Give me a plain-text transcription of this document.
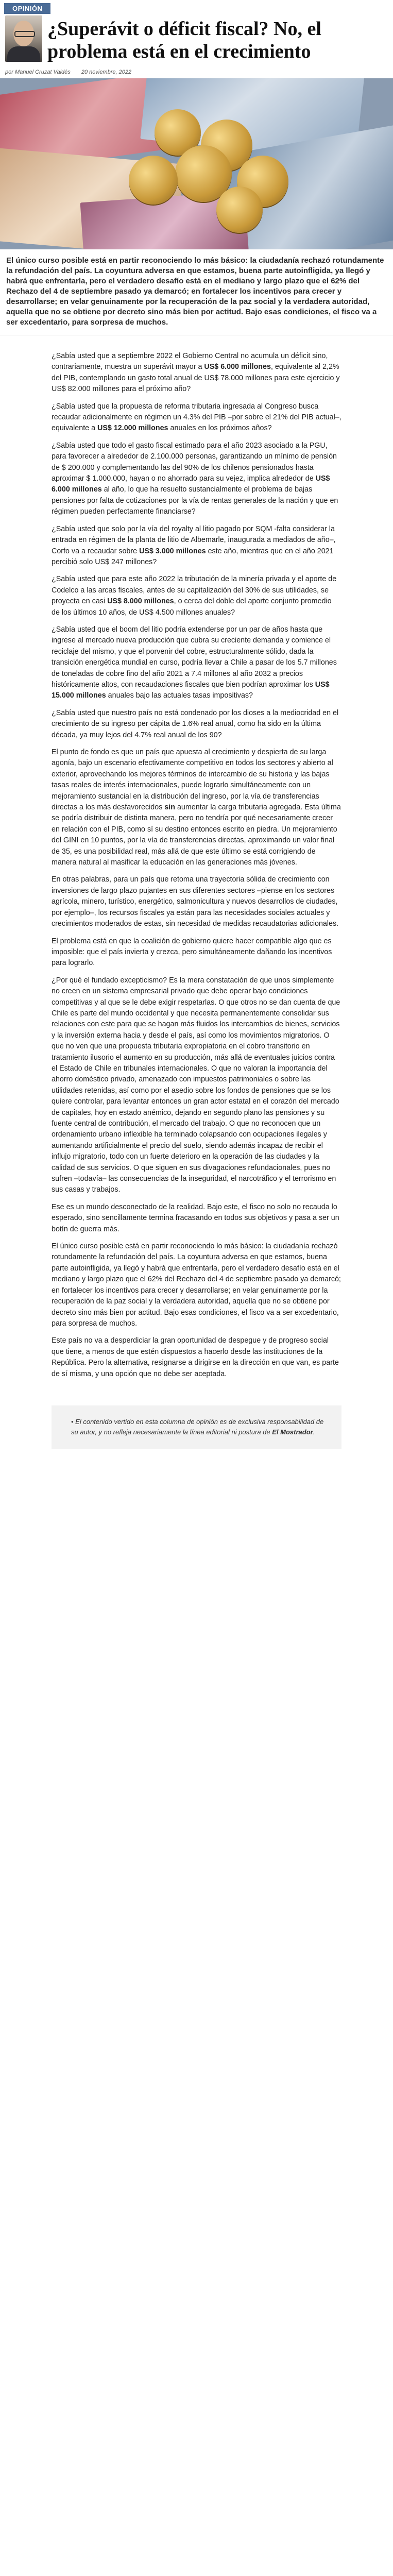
OPINIÓN
¿Superávit o déficit fiscal? No, el problema está en el crecimiento
por Manuel Cruzat Valdés 20 noviembre, 2022
El único curso posible está en partir reconociendo lo más básico: la ciudadanía rechazó rotundamente la refundación del país. La coyuntura adversa en que estamos, buena parte autoinfligida, ya llegó y habrá que enfrentarla, pero el verdadero desafío está en el mediano y largo plazo que el 62% del Rechazo del 4 de septiembre pasado ya demarcó; en fortalecer los incentivos para crecer y desarrollarse; en velar genuinamente por la recuperación de la paz social y la verdadera autoridad, aquella que no se obtiene por decreto sino más bien por actitud. Bajo esas condiciones, el fisco va a ser excedentario, para sorpresa de muchos.

¿Sabía usted que a septiembre 2022 el Gobierno Central no acumula un déficit sino, contrariamente, muestra un superávit mayor a US$ 6.000 millones, equivalente al 2,2% del PIB, contemplando un gasto total anual de US$ 78.000 millones para este ejercicio y US$ 82.000 millones para el próximo año?

¿Sabía usted que la propuesta de reforma tributaria ingresada al Congreso busca recaudar adicionalmente en régimen un 4.3% del PIB –por sobre el 21% del PIB actual–, equivalente a US$ 12.000 millones anuales en los próximos años?

¿Sabía usted que todo el gasto fiscal estimado para el año 2023 asociado a la PGU, para favorecer a alrededor de 2.100.000 personas, garantizando un mínimo de pensión de $ 200.000 y complementando las del 90% de los chilenos pensionados hasta aproximar $ 1.000.000, hayan o no ahorrado para su vejez, implica alrededor de US$ 6.000 millones al año, lo que ha resuelto sustancialmente el problema de bajas pensiones por falta de cotizaciones por la vía de rentas generales de la nación y que en régimen pueden perfectamente financiarse?

¿Sabía usted que solo por la vía del royalty al litio pagado por SQM -falta considerar la entrada en régimen de la planta de litio de Albemarle, inaugurada a mediados de año–, Corfo va a recaudar sobre US$ 3.000 millones este año, mientras que en el año 2021 percibió solo US$ 247 millones?

¿Sabía usted que para este año 2022 la tributación de la minería privada y el aporte de Codelco a las arcas fiscales, antes de su capitalización del 30% de sus utilidades, se proyecta en casi US$ 8.000 millones, o cerca del doble del aporte conjunto promedio de los últimos 10 años, de US$ 4.500 millones anuales?

¿Sabía usted que el boom del litio podría extenderse por un par de años hasta que ingrese al mercado nueva producción que cubra su creciente demanda y comience el reciclaje del mismo, y que el porvenir del cobre, estructuralmente sólido, dada la transición energética mundial en curso, podría llevar a Chile a pasar de los 5.7 millones de toneladas de cobre fino del año 2021 a 7.4 millones al año 2032 a precios históricamente altos, con recaudaciones fiscales que bien podrían aproximar los US$ 15.000 millones anuales bajo las actuales tasas impositivas?

¿Sabía usted que nuestro país no está condenado por los dioses a la mediocridad en el crecimiento de su ingreso per cápita de 1.6% real anual, como ha sido en la última década, ya muy lejos del 4.7% real anual de los 90?

El punto de fondo es que un país que apuesta al crecimiento y despierta de su larga agonía, bajo un escenario efectivamente competitivo en todos los sectores y abierto al exterior, aprovechando los mejores términos de intercambio de su historia y las bajas tasas reales de interés internacionales, puede lograrlo simultáneamente con un mejoramiento sustancial en la distribución del ingreso, por la vía de transferencias directas a los más desfavorecidos sin aumentar la carga tributaria agregada. Esta última se podría distribuir de distinta manera, pero no tendría por qué necesariamente crecer en relación con el PIB, como sí su destino entonces escrito en piedra. Un mejoramiento del GINI en 10 puntos, por la vía de transferencias directas, aproximando un valor final de 35, es una posibilidad real, más allá de que este último se está corrigiendo de manera natural al masificar la educación en las generaciones más jóvenes.

En otras palabras, para un país que retoma una trayectoria sólida de crecimiento con inversiones de largo plazo pujantes en sus diferentes sectores –piense en los sectores agrícola, minero, turístico, energético, salmonicultura y nuevos desarrollos de ciudades, por ejemplo–, los recursos fiscales ya están para las necesidades sociales actuales y crecimientos moderados de estas, sin necesidad de medidas recaudatorias adicionales.

El problema está en que la coalición de gobierno quiere hacer compatible algo que es imposible: que el país invierta y crezca, pero simultáneamente dañando los incentivos para lograrlo.

¿Por qué el fundado excepticismo? Es la mera constatación de que unos simplemente no creen en un sistema empresarial privado que debe operar bajo condiciones competitivas y al que se le debe exigir respetarlas. O que otros no se dan cuenta de que Chile es parte del mundo occidental y que necesita permanentemente consolidar sus relaciones con este para que se hagan más fluidos los intercambios de bienes, servicios y la inversión externa hacia y desde el país, así como los movimientos migratorios. O que no ven que una propuesta tributaria expropiatoria en el cobro transitorio en tratamiento ilusorio el aumento en su producción, más allá de eventuales juicios contra el Estado de Chile en tribunales internacionales. O que no valoran la importancia del ahorro doméstico privado, amenazado con impuestos patrimoniales o sobre las utilidades retenidas, así como por el asedio sobre los fondos de pensiones que se los quiere controlar, para levantar entonces un gran actor estatal en el corazón del mercado de capitales, hoy en estado anémico, dejando en segundo plano las pensiones y su fuente central de contribución, el mercado del trabajo. O que no reconocen que un ordenamiento urbano inflexible ha terminado colapsando con ocupaciones ilegales y aumentando artificialmente el precio del suelo, siendo además incapaz de recibir el influjo migratorio, todo con un fuerte deterioro en la operación de las ciudades y la calidad de sus servicios. O que siguen en sus divagaciones refundacionales, pues no sufren –todavía– las consecuencias de la inseguridad, el narcotráfico y el terrorismo en sus casas y trabajos.

Ese es un mundo desconectado de la realidad. Bajo este, el fisco no solo no recauda lo esperado, sino sencillamente termina fracasando en todos sus objetivos y pasa a ser un botín de guerra más.

El único curso posible está en partir reconociendo lo más básico: la ciudadanía rechazó rotundamente la refundación del país. La coyuntura adversa en que estamos, buena parte autoinfligida, ya llegó y habrá que enfrentarla, pero el verdadero desafío está en el mediano y largo plazo que el 62% del Rechazo del 4 de septiembre pasado ya demarcó; en fortalecer los incentivos para crecer y desarrollarse; en velar genuinamente por la recuperación de la paz social y la verdadera autoridad, aquella que no se obtiene por decreto sino más bien por actitud. Bajo esas condiciones, el fisco va a ser excedentario, para sorpresa de muchos.

Este país no va a desperdiciar la gran oportunidad de despegue y de progreso social que tiene, a menos de que estén dispuestos a hacerlo desde las instituciones de la República. Pero la alternativa, resignarse a dirigirse en la dirección en que van, es parte de sí misma, y una opción que no debe ser aceptada.

• El contenido vertido en esta columna de opinión es de exclusiva responsabilidad de su autor, y no refleja necesariamente la línea editorial ni postura de El Mostrador.
